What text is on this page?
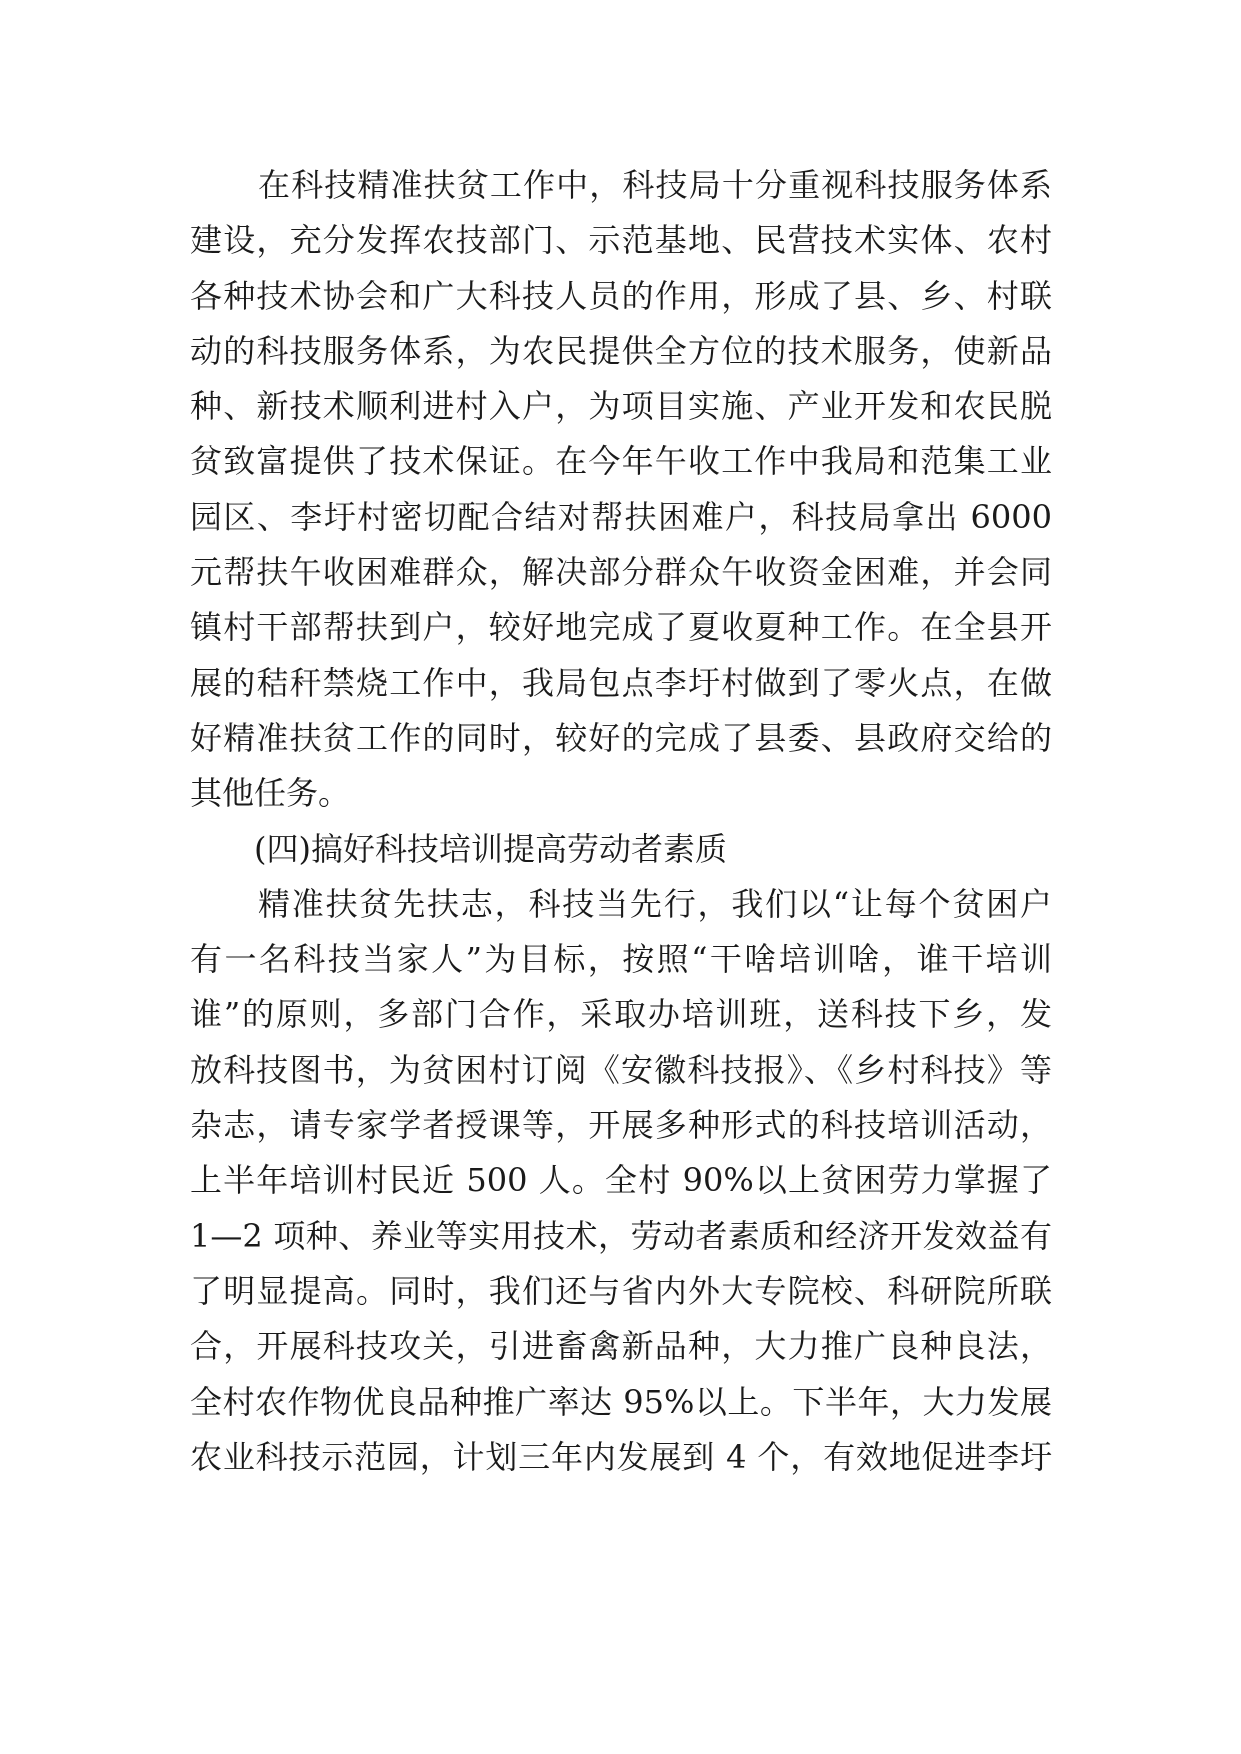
在科技精准扶贫工作中，科技局十分重视科技服务体系
建设，充分发挥农技部门、示范基地、民营技术实体、农村
各种技术协会和广大科技人员的作用，形成了县、乡、村联
动的科技服务体系，为农民提供全方位的技术服务，使新品
种、新技术顺利进村入户，为项目实施、产业开发和农民脱
贫致富提供了技术保证。在今年午收工作中我局和范集工业
园区、李圩村密切配合结对帮扶困难户，科技局拿出 6000
元帮扶午收困难群众，解决部分群众午收资金困难，并会同
镇村干部帮扶到户，较好地完成了夏收夏种工作。在全县开
展的秸秆禁烧工作中，我局包点李圩村做到了零火点，在做
好精准扶贫工作的同时，较好的完成了县委、县政府交给的
其他任务。
(四)搞好科技培训提高劳动者素质
精准扶贫先扶志，科技当先行，我们以“让每个贫困户
有一名科技当家人”为目标，按照“干啥培训啥，谁干培训
谁”的原则，多部门合作，采取办培训班，送科技下乡，发
放科技图书，为贫困村订阅《安徽科技报》、《乡村科技》等
杂志，请专家学者授课等，开展多种形式的科技培训活动，
上半年培训村民近 500 人。全村 90%以上贫困劳力掌握了
1—2 项种、养业等实用技术，劳动者素质和经济开发效益有
了明显提高。同时，我们还与省内外大专院校、科研院所联
合，开展科技攻关，引进畜禽新品种，大力推广良种良法，
全村农作物优良品种推广率达 95%以上。下半年，大力发展
农业科技示范园，计划三年内发展到 4 个，有效地促进李圩
